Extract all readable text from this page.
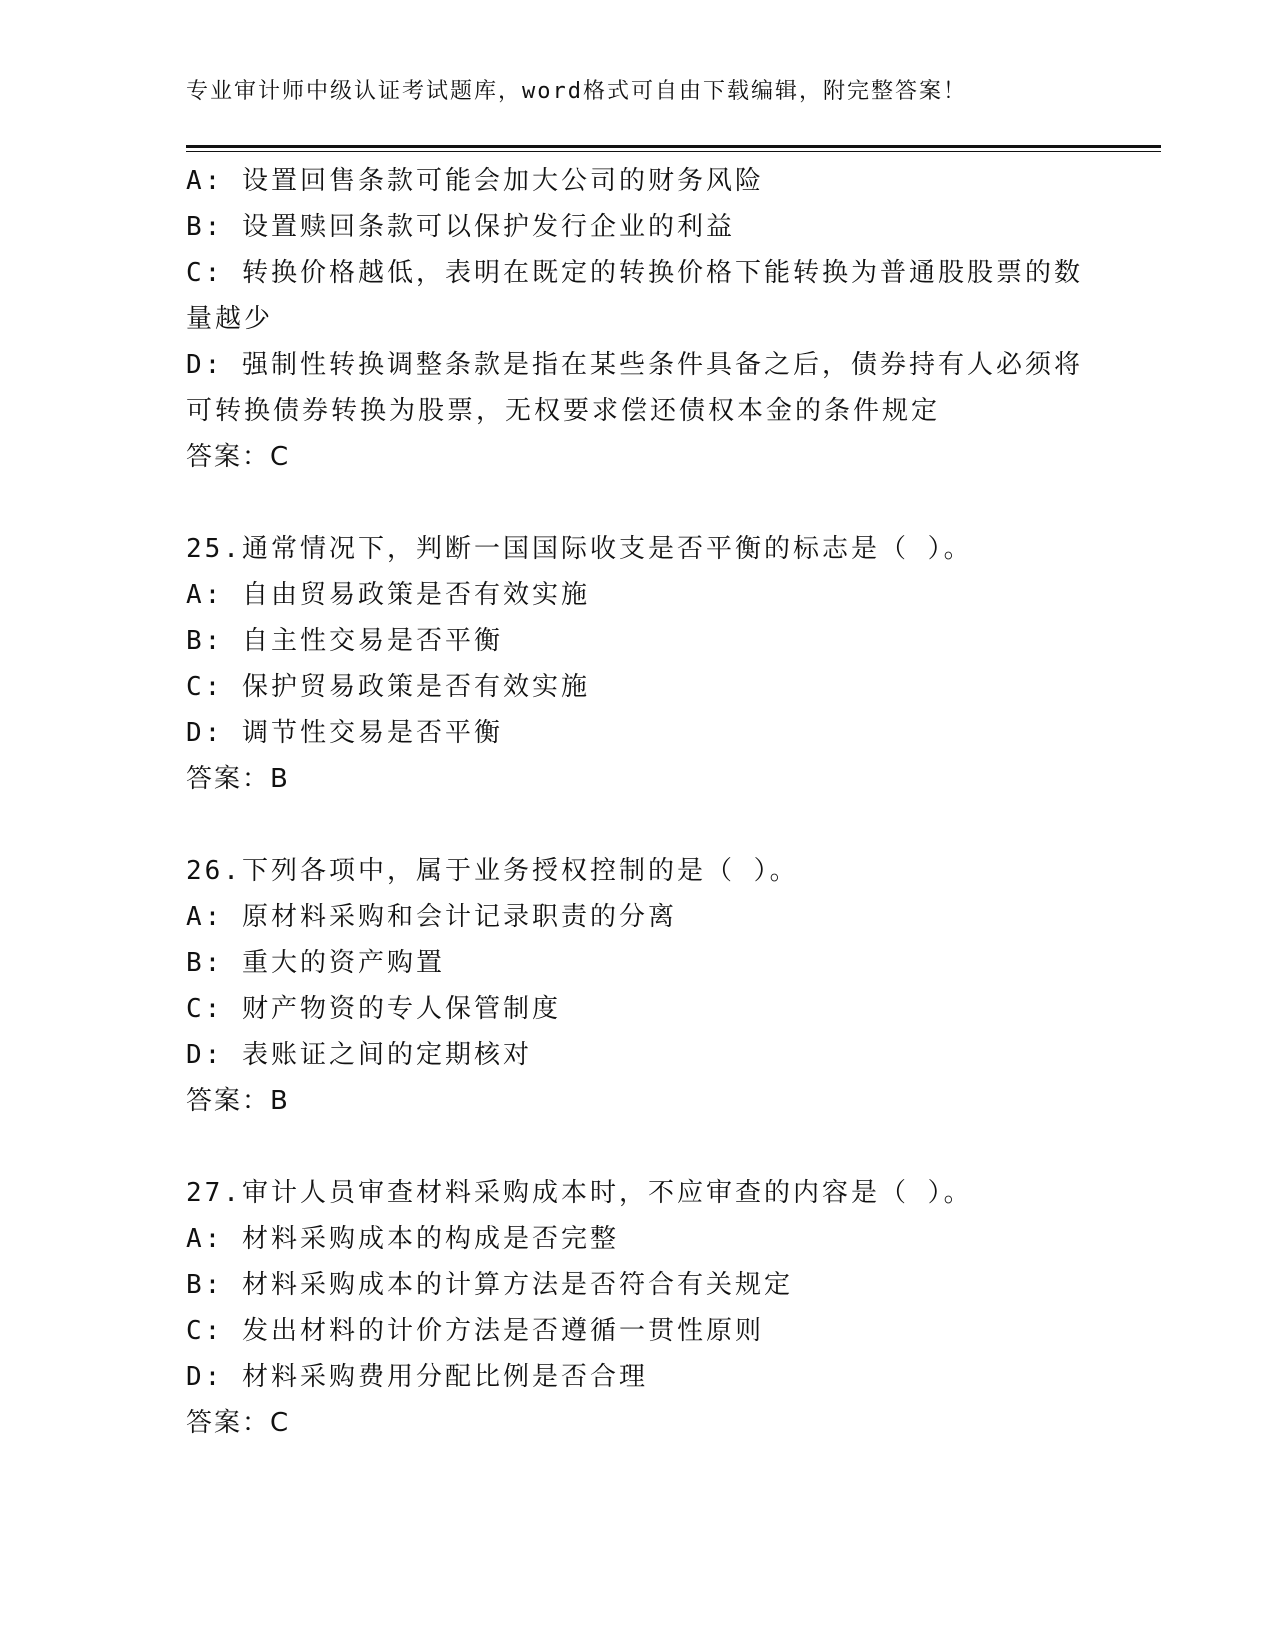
专业审计师中级认证考试题库，word格式可自由下载编辑，附完整答案！
A: 设置回售条款可能会加大公司的财务风险
B: 设置赎回条款可以保护发行企业的利益
C: 转换价格越低，表明在既定的转换价格下能转换为普通股股票的数
量越少
D: 强制性转换调整条款是指在某些条件具备之后，债券持有人必须将
可转换债券转换为股票，无权要求偿还债权本金的条件规定
答案：C
25.通常情况下，判断一国国际收支是否平衡的标志是（ ）。
A: 自由贸易政策是否有效实施
B: 自主性交易是否平衡
C: 保护贸易政策是否有效实施
D: 调节性交易是否平衡
答案：B
26.下列各项中，属于业务授权控制的是（ ）。
A: 原材料采购和会计记录职责的分离
B: 重大的资产购置
C: 财产物资的专人保管制度
D: 表账证之间的定期核对
答案：B
27.审计人员审查材料采购成本时，不应审查的内容是（ ）。
A: 材料采购成本的构成是否完整
B: 材料采购成本的计算方法是否符合有关规定
C: 发出材料的计价方法是否遵循一贯性原则
D: 材料采购费用分配比例是否合理
答案：C
